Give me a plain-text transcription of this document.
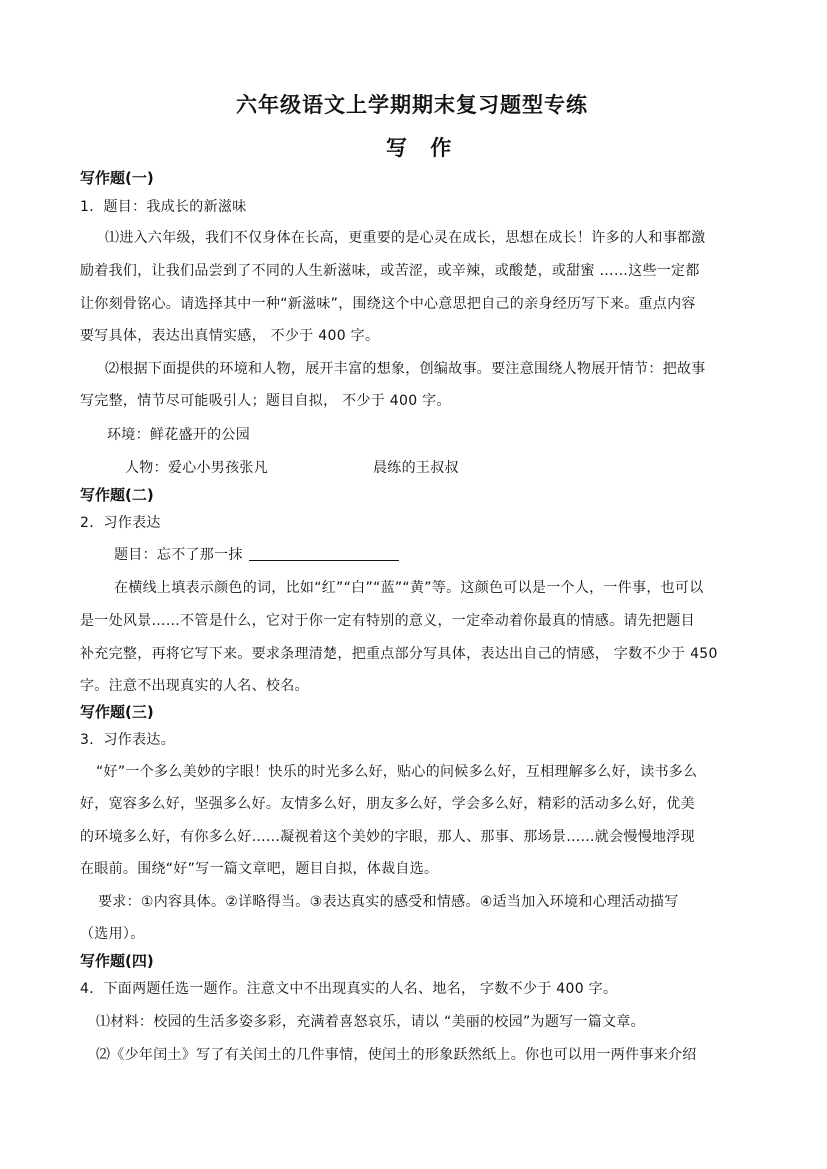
六年级语文上学期期末复习题型专练
写 作
写作题(一)
1．题目：我成长的新滋味
⑴进入六年级，我们不仅身体在长高，更重要的是心灵在成长，思想在成长！许多的人和事都激
励着我们，让我们品尝到了不同的人生新滋味，或苦涩，或辛辣，或酸楚，或甜蜜 ……这些一定都
让你刻骨铭心。请选择其中一种“新滋味”，围绕这个中心意思把自己的亲身经历写下来。重点内容
要写具体，表达出真情实感， 不少于 400 字。
⑵根据下面提供的环境和人物，展开丰富的想象，创编故事。要注意围绕人物展开情节：把故事
写完整，情节尽可能吸引人；题目自拟， 不少于 400 字。
环境：鲜花盛开的公园
人物：爱心小男孩张凡	晨练的王叔叔
写作题(二)
2．习作表达
题目：忘不了那一抹
在横线上填表示颜色的词，比如“红”“白”“蓝”“黄”等。这颜色可以是一个人，一件事，也可以
是一处风景……不管是什么，它对于你一定有特别的意义，一定牵动着你最真的情感。请先把题目
补充完整，再将它写下来。要求条理清楚，把重点部分写具体，表达出自己的情感， 字数不少于 450
字。注意不出现真实的人名、校名。
写作题(三)
3．习作表达。
“好”一个多么美妙的字眼！快乐的时光多么好，贴心的问候多么好，互相理解多么好，读书多么
好，宽容多么好，坚强多么好。友情多么好，朋友多么好，学会多么好，精彩的活动多么好，优美
的环境多么好，有你多么好……凝视着这个美妙的字眼，那人、那事、那场景……就会慢慢地浮现
在眼前。围绕“好”写一篇文章吧，题目自拟，体裁自选。
要求：①内容具体。②详略得当。③表达真实的感受和情感。④适当加入环境和心理活动描写
（选用）。
写作题(四)
4．下面两题任选一题作。注意文中不出现真实的人名、地名， 字数不少于 400 字。
⑴材料：校园的生活多姿多彩，充满着喜怒哀乐，请以 “美丽的校园”为题写一篇文章。
⑵《少年闰土》写了有关闰土的几件事情，使闰土的形象跃然纸上。你也可以用一两件事来介绍
